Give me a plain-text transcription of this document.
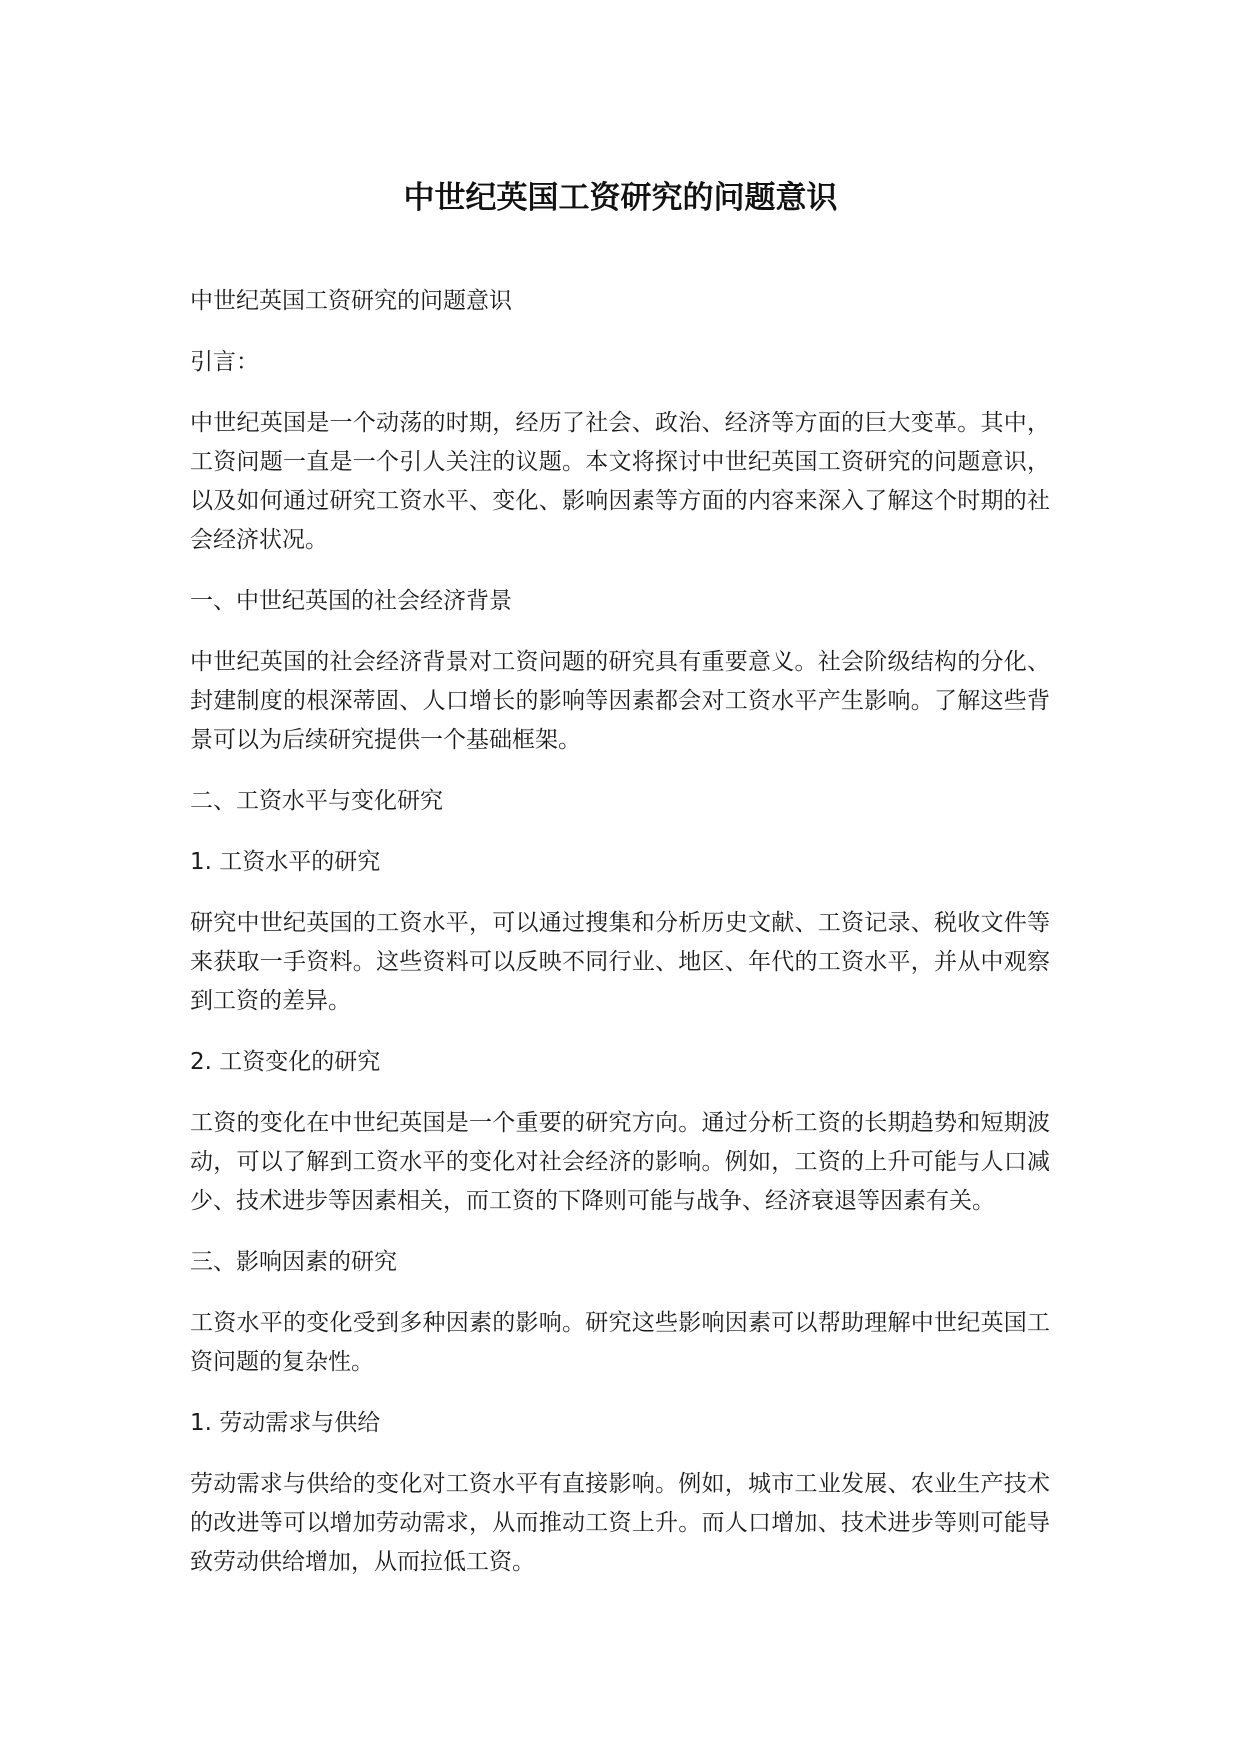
中世纪英国工资研究的问题意识

中世纪英国工资研究的问题意识

引言：

中世纪英国是一个动荡的时期，经历了社会、政治、经济等方面的巨大变革。其中，工资问题一直是一个引人关注的议题。本文将探讨中世纪英国工资研究的问题意识，以及如何通过研究工资水平、变化、影响因素等方面的内容来深入了解这个时期的社会经济状况。

一、中世纪英国的社会经济背景

中世纪英国的社会经济背景对工资问题的研究具有重要意义。社会阶级结构的分化、封建制度的根深蒂固、人口增长的影响等因素都会对工资水平产生影响。了解这些背景可以为后续研究提供一个基础框架。

二、工资水平与变化研究

1. 工资水平的研究

研究中世纪英国的工资水平，可以通过搜集和分析历史文献、工资记录、税收文件等来获取一手资料。这些资料可以反映不同行业、地区、年代的工资水平，并从中观察到工资的差异。

2. 工资变化的研究

工资的变化在中世纪英国是一个重要的研究方向。通过分析工资的长期趋势和短期波动，可以了解到工资水平的变化对社会经济的影响。例如，工资的上升可能与人口减少、技术进步等因素相关，而工资的下降则可能与战争、经济衰退等因素有关。

三、影响因素的研究

工资水平的变化受到多种因素的影响。研究这些影响因素可以帮助理解中世纪英国工资问题的复杂性。

1. 劳动需求与供给

劳动需求与供给的变化对工资水平有直接影响。例如，城市工业发展、农业生产技术的改进等可以增加劳动需求，从而推动工资上升。而人口增加、技术进步等则可能导致劳动供给增加，从而拉低工资。
